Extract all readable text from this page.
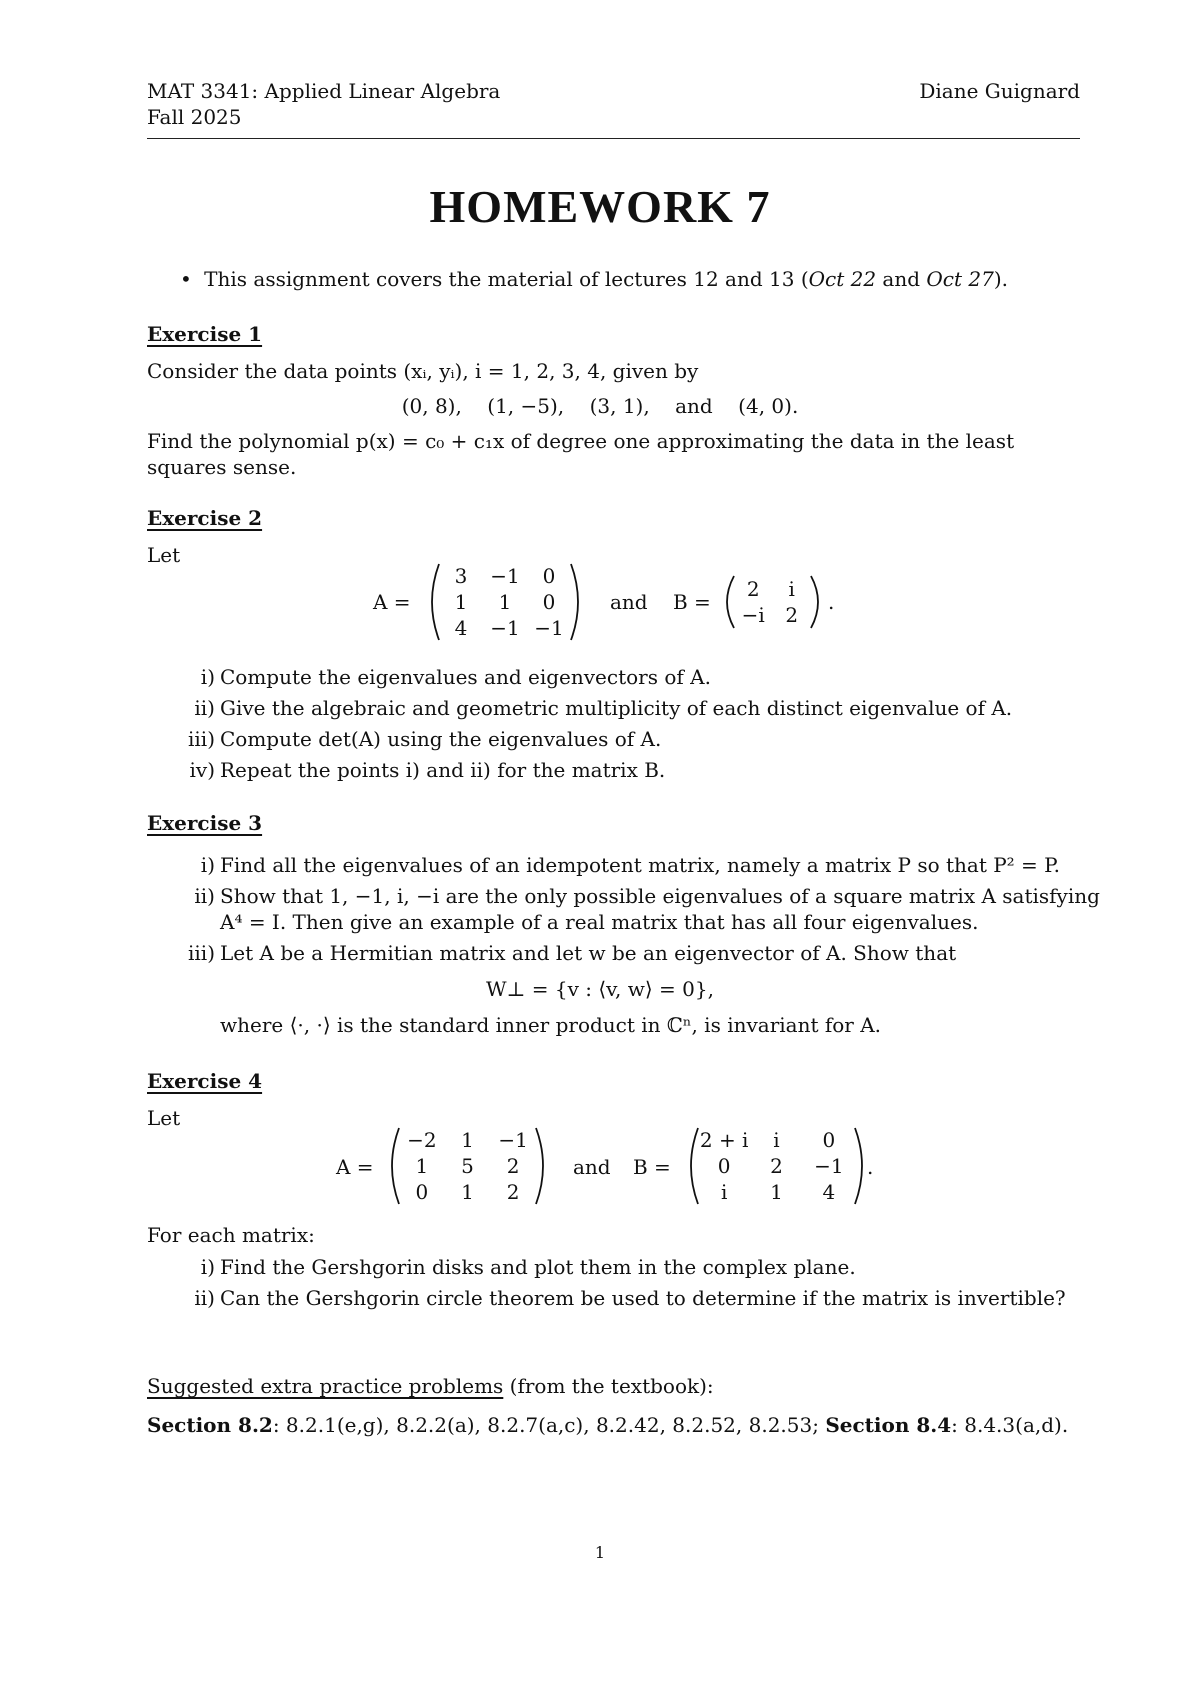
MAT 3341: Applied Linear Algebra
Fall 2025
Diane Guignard
HOMEWORK 7
• This assignment covers the material of lectures 12 and 13 (Oct 22 and Oct 27).
Exercise 1
Consider the data points (xᵢ, yᵢ), i = 1, 2, 3, 4, given by
(0, 8),    (1, −5),    (3, 1),    and    (4, 0).
Find the polynomial p(x) = c₀ + c₁x of degree one approximating the data in the least squares sense.
Exercise 2
Let
A =
3	−1	0
1	1	0
4	−1 −1
and B =
2	i
−i	2
.
i) Compute the eigenvalues and eigenvectors of A.
ii) Give the algebraic and geometric multiplicity of each distinct eigenvalue of A.
iii) Compute det(A) using the eigenvalues of A.
iv) Repeat the points i) and ii) for the matrix B.
Exercise 3
i) Find all the eigenvalues of an idempotent matrix, namely a matrix P so that P² = P.
ii) Show that 1, −1, i, −i are the only possible eigenvalues of a square matrix A satisfying
A⁴ = I. Then give an example of a real matrix that has all four eigenvalues.
iii) Let A be a Hermitian matrix and let w be an eigenvector of A. Show that
W⊥ = {v : ⟨v, w⟩ = 0},
where ⟨·, ·⟩ is the standard inner product in ℂⁿ, is invariant for A.
Exercise 4
Let
A =
−2	1	−1
1	5	2
0	1	2
and B =
2 + i	i	0
0	2	−1
i	1	4
.
For each matrix:
i) Find the Gershgorin disks and plot them in the complex plane.
ii) Can the Gershgorin circle theorem be used to determine if the matrix is invertible?
Suggested extra practice problems (from the textbook):
Section 8.2: 8.2.1(e,g), 8.2.2(a), 8.2.7(a,c), 8.2.42, 8.2.52, 8.2.53; Section 8.4: 8.4.3(a,d).
1
